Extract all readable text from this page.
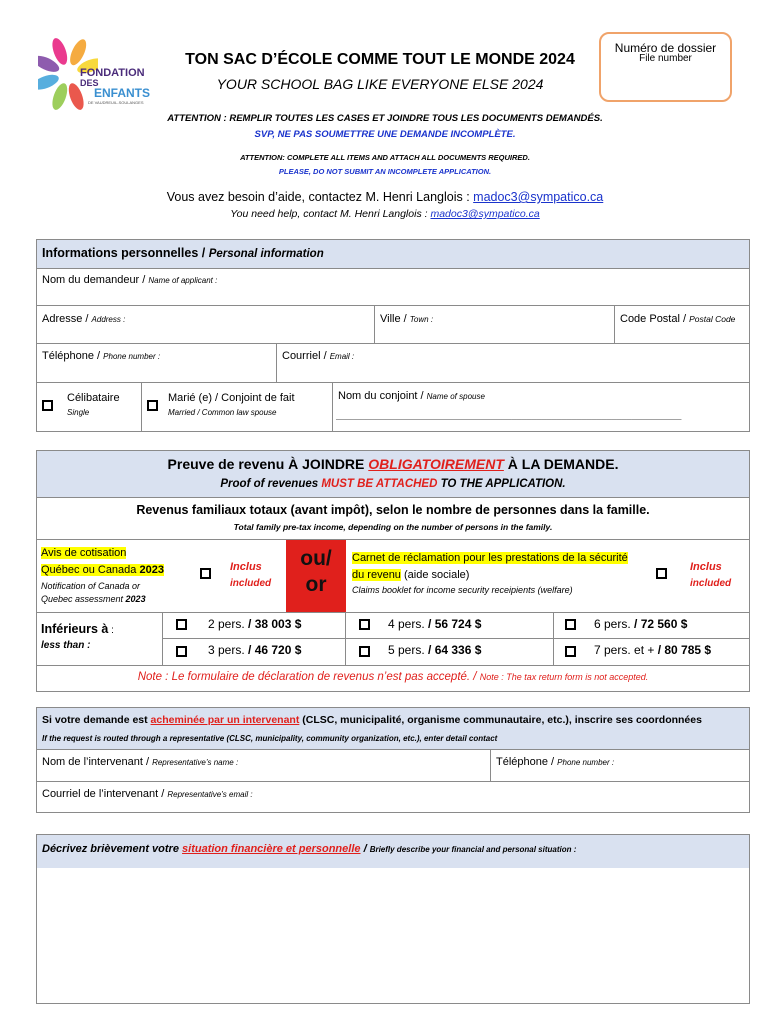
FONDATION
DES
ENFANTS
DE VAUDREUIL-SOULANGES
TON SAC D’ÉCOLE COMME TOUT LE MONDE 2024
YOUR SCHOOL BAG LIKE EVERYONE ELSE 2024
Numéro de dossier
File number
ATTENTION : REMPLIR TOUTES LES CASES ET JOINDRE TOUS LES DOCUMENTS DEMANDÉS.
SVP, NE PAS SOUMETTRE UNE DEMANDE INCOMPLÈTE.
ATTENTION: COMPLETE ALL ITEMS AND ATTACH ALL DOCUMENTS REQUIRED.
PLEASE, DO NOT SUBMIT AN INCOMPLETE APPLICATION.
Vous avez besoin d’aide, contactez M. Henri Langlois : madoc3@sympatico.ca
You need help, contact M. Henri Langlois : madoc3@sympatico.ca
Informations personnelles / Personal information
Nom du demandeur / Name of applicant :
Adresse / Address :	Ville / Town :	Code Postal / Postal Code
Téléphone / Phone number :	Courriel / Email :
Célibataire
Single
Marié (e) / Conjoint de fait
Married / Common law spouse
Nom du conjoint / Name of spouse
_____________________________________________________________________
Preuve de revenu À JOINDRE OBLIGATOIREMENT À LA DEMANDE.
Proof of revenues MUST BE ATTACHED TO THE APPLICATION.
Revenus familiaux totaux (avant impôt), selon le nombre de personnes dans la famille.
Total family pre-tax income, depending on the number of persons in the family.
Avis de cotisation
Québec ou Canada 2023
Notification of Canada or
Quebec assessment 2023
Inclus
included
ou/
or
Carnet de réclamation pour les prestations de la sécurité
du revenu (aide sociale)
Claims booklet for income security receipients (welfare)
Inclus
included
Inférieurs à :
less than :
2 pers. / 38 003 $	4 pers. / 56 724 $	6 pers. / 72 560 $
3 pers. / 46 720 $	5 pers. / 64 336 $	7 pers. et + / 80 785 $
Note : Le formulaire de déclaration de revenus n’est pas accepté. / Note : The tax return form is not accepted.
Si votre demande est acheminée par un intervenant (CLSC, municipalité, organisme communautaire, etc.), inscrire ses coordonnées
If the request is routed through a representative (CLSC, municipality, community organization, etc.), enter detail contact
Nom de l’intervenant / Representative’s name :	Téléphone / Phone number :
Courriel de l’intervenant / Representative’s email :
Décrivez brièvement votre situation financière et personnelle / Briefly describe your financial and personal situation :
